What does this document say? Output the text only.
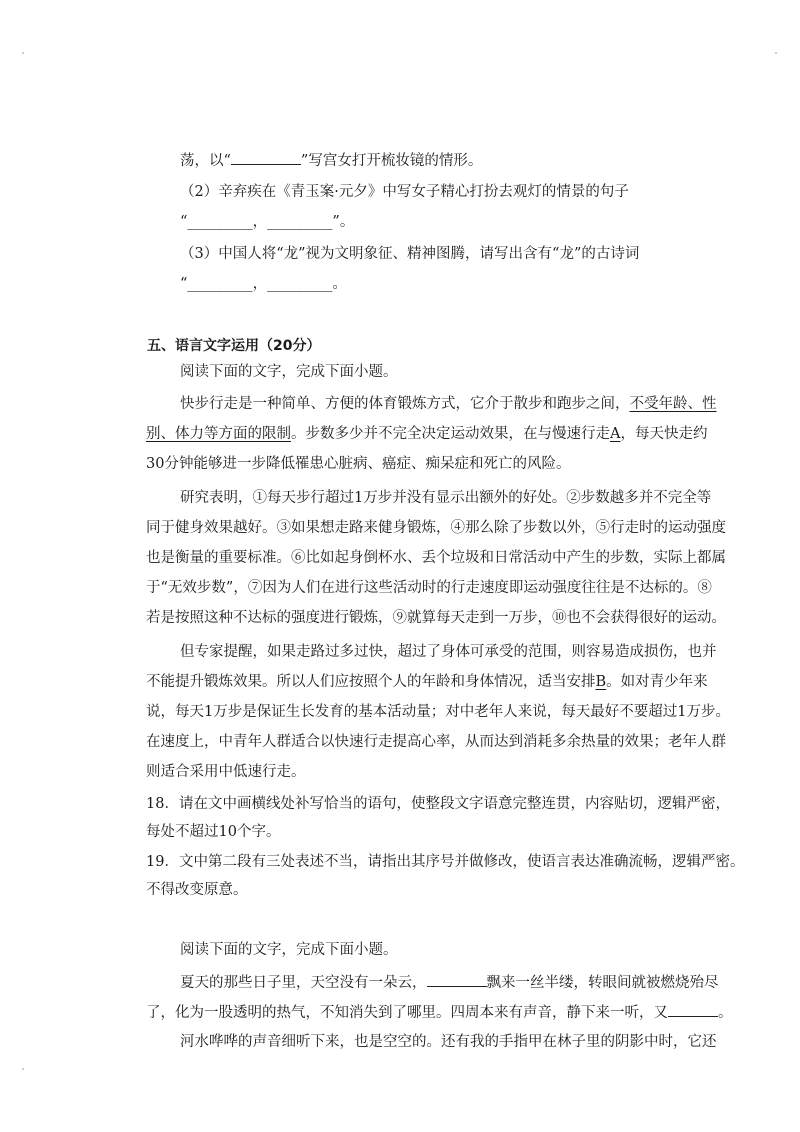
荡，以“	”写宫女打开梳妆镜的情形。
（2）辛弃疾在《青玉案·元夕》中写女子精心打扮去观灯的情景的句子
“_________，_________”。
（3）中国人将“龙”视为文明象征、精神图腾，请写出含有“龙”的古诗词
“_________，_________。
五、语言文字运用（20分）
阅读下面的文字，完成下面小题。
快步行走是一种简单、方便的体育锻炼方式，它介于散步和跑步之间，不受年龄、性
别、体力等方面的限制。步数多少并不完全决定运动效果，在与慢速行走A，每天快走约
30分钟能够进一步降低罹患心脏病、癌症、痴呆症和死亡的风险。
研究表明，①每天步行超过1万步并没有显示出额外的好处。②步数越多并不完全等
同于健身效果越好。③如果想走路来健身锻炼，④那么除了步数以外，⑤行走时的运动强度
也是衡量的重要标准。⑥比如起身倒杯水、丢个垃圾和日常活动中产生的步数，实际上都属
于“无效步数”，⑦因为人们在进行这些活动时的行走速度即运动强度往往是不达标的。⑧
若是按照这种不达标的强度进行锻炼，⑨就算每天走到一万步，⑩也不会获得很好的运动。
但专家提醒，如果走路过多过快，超过了身体可承受的范围，则容易造成损伤，也并
不能提升锻炼效果。所以人们应按照个人的年龄和身体情况，适当安排B。如对青少年来
说，每天1万步是保证生长发育的基本活动量；对中老年人来说，每天最好不要超过1万步。
在速度上，中青年人群适合以快速行走提高心率，从而达到消耗多余热量的效果；老年人群
则适合采用中低速行走。
18．请在文中画横线处补写恰当的语句，使整段文字语意完整连贯，内容贴切，逻辑严密，
每处不超过10个字。
19．文中第二段有三处表述不当，请指出其序号并做修改，使语言表达准确流畅，逻辑严密。
不得改变原意。
阅读下面的文字，完成下面小题。
夏天的那些日子里，天空没有一朵云，	飘来一丝半缕，转眼间就被燃烧殆尽
了，化为一股透明的热气，不知消失到了哪里。四周本来有声音，静下来一听，又	。
河水哗哗的声音细听下来，也是空空的。还有我的手指甲在林子里的阴影中时，它还
